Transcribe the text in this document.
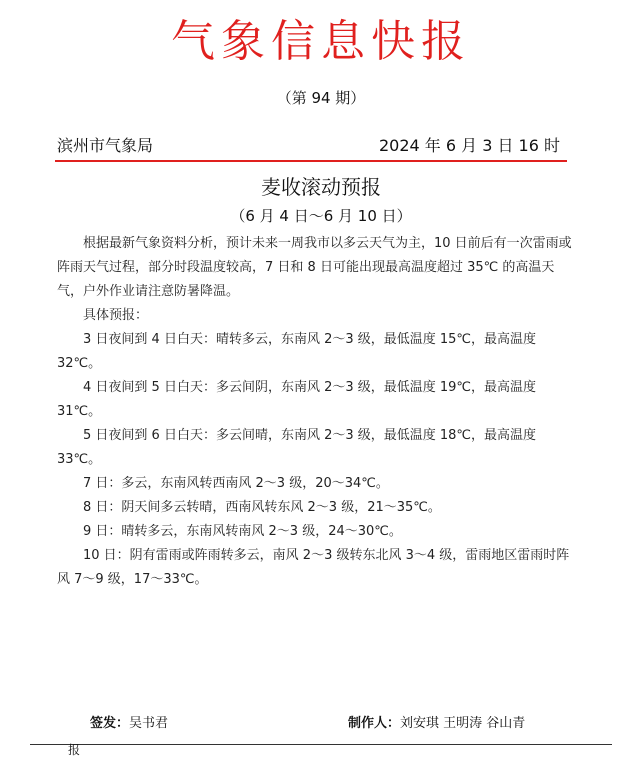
气象信息快报
（第 94 期）
滨州市气象局	2024 年 6 月 3 日 16 时
麦收滚动预报
（6 月 4 日～6 月 10 日）

根据最新气象资料分析，预计未来一周我市以多云天气为主，10 日前后有一次雷雨或阵雨天气过程，部分时段温度较高，7 日和 8 日可能出现最高温度超过 35℃ 的高温天气，户外作业请注意防暑降温。

具体预报：

3 日夜间到 4 日白天：晴转多云，东南风 2～3 级，最低温度 15℃，最高温度 32℃。

4 日夜间到 5 日白天：多云间阴，东南风 2～3 级，最低温度 19℃，最高温度 31℃。

5 日夜间到 6 日白天：多云间晴，东南风 2～3 级，最低温度 18℃，最高温度 33℃。

7 日：多云，东南风转西南风 2～3 级，20～34℃。

8 日：阴天间多云转晴，西南风转东风 2～3 级，21～35℃。

9 日：晴转多云，东南风转南风 2～3 级，24～30℃。

10 日：阴有雷雨或阵雨转多云，南风 2～3 级转东北风 3～4 级，雷雨地区雷雨时阵风 7～9 级，17～33℃。

签发：吴书君	制作人：刘安琪 王明涛 谷山青
报
